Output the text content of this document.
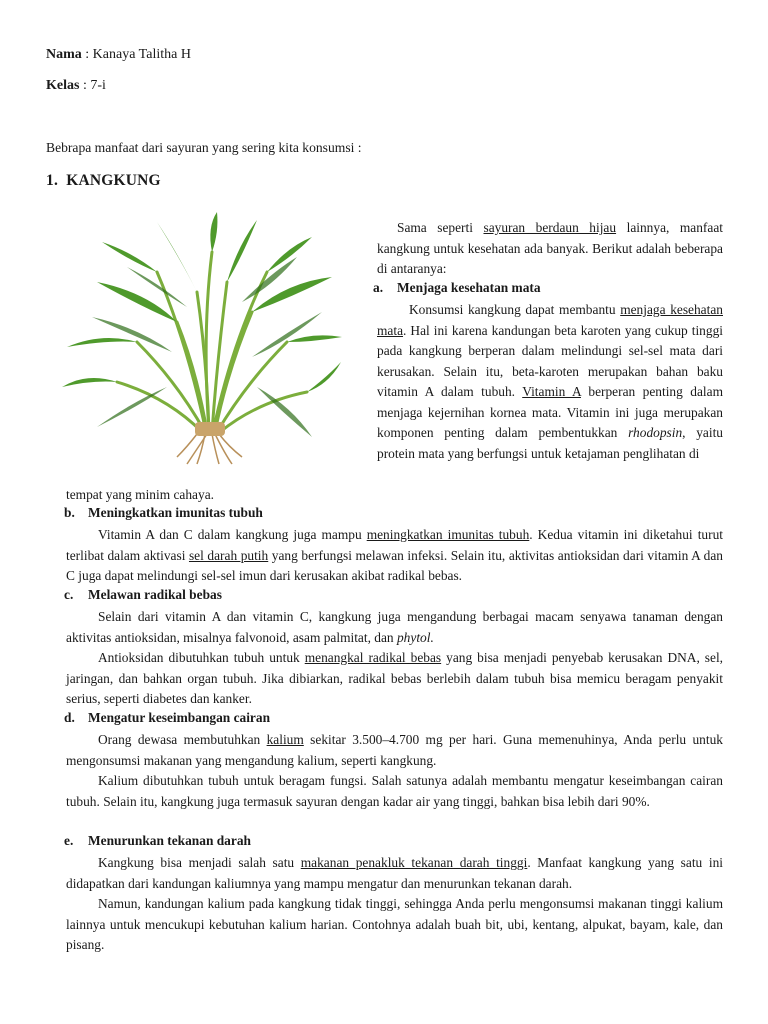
Nama : Kanaya Talitha H
Kelas : 7-i
Bebrapa manfaat dari sayuran yang sering kita konsumsi :
1. KANGKUNG
Sama seperti sayuran berdaun hijau lainnya, manfaat kangkung untuk kesehatan ada banyak. Berikut adalah beberapa di antaranya:
a. Menjaga kesehatan mata
Konsumsi kangkung dapat membantu menjaga kesehatan mata. Hal ini karena kandungan beta karoten yang cukup tinggi pada kangkung berperan dalam melindungi sel-sel mata dari kerusakan. Selain itu, beta-karoten merupakan bahan baku vitamin A dalam tubuh. Vitamin A berperan penting dalam menjaga kejernihan kornea mata. Vitamin ini juga merupakan komponen penting dalam pembentukkan rhodopsin, yaitu protein mata yang berfungsi untuk ketajaman penglihatan di
tempat yang minim cahaya.
b. Meningkatkan imunitas tubuh
Vitamin A dan C dalam kangkung juga mampu meningkatkan imunitas tubuh. Kedua vitamin ini diketahui turut terlibat dalam aktivasi sel darah putih yang berfungsi melawan infeksi. Selain itu, aktivitas antioksidan dari vitamin A dan C juga dapat melindungi sel-sel imun dari kerusakan akibat radikal bebas.
c. Melawan radikal bebas
Selain dari vitamin A dan vitamin C, kangkung juga mengandung berbagai macam senyawa tanaman dengan aktivitas antioksidan, misalnya falvonoid, asam palmitat, dan phytol.
Antioksidan dibutuhkan tubuh untuk menangkal radikal bebas yang bisa menjadi penyebab kerusakan DNA, sel, jaringan, dan bahkan organ tubuh. Jika dibiarkan, radikal bebas berlebih dalam tubuh bisa memicu beragam penyakit serius, seperti diabetes dan kanker.
d. Mengatur keseimbangan cairan
Orang dewasa membutuhkan kalium sekitar 3.500–4.700 mg per hari. Guna memenuhinya, Anda perlu untuk mengonsumsi makanan yang mengandung kalium, seperti kangkung.
Kalium dibutuhkan tubuh untuk beragam fungsi. Salah satunya adalah membantu mengatur keseimbangan cairan tubuh. Selain itu, kangkung juga termasuk sayuran dengan kadar air yang tinggi, bahkan bisa lebih dari 90%.
e. Menurunkan tekanan darah
Kangkung bisa menjadi salah satu makanan penakluk tekanan darah tinggi. Manfaat kangkung yang satu ini didapatkan dari kandungan kaliumnya yang mampu mengatur dan menurunkan tekanan darah.
Namun, kandungan kalium pada kangkung tidak tinggi, sehingga Anda perlu mengonsumsi makanan tinggi kalium lainnya untuk mencukupi kebutuhan kalium harian. Contohnya adalah buah bit, ubi, kentang, alpukat, bayam, kale, dan pisang.
